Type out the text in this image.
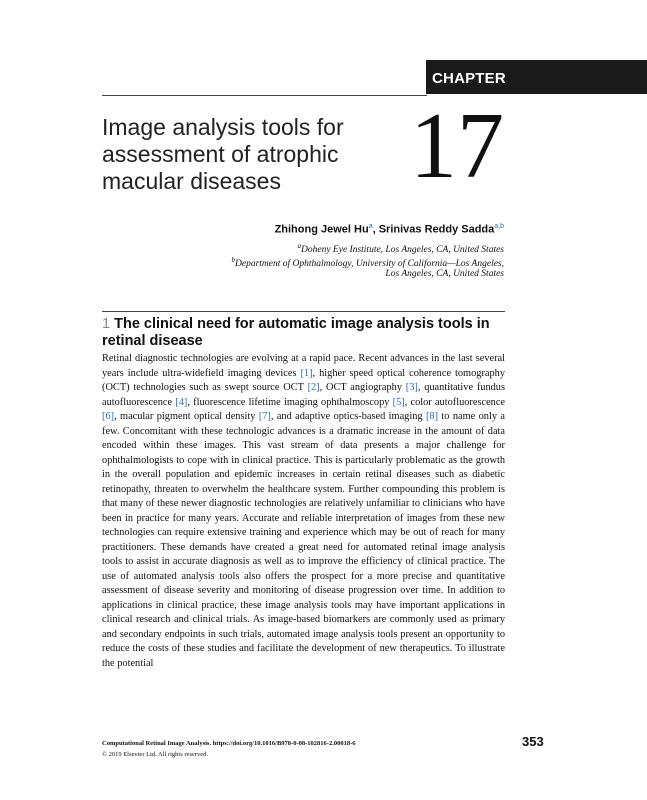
CHAPTER
Image analysis tools for assessment of atrophic macular diseases	17
Zhihong Jewel Hu$^a$, Srinivas Reddy Sadda$^{a,b}$
$^a$Doheny Eye Institute, Los Angeles, CA, United States
$^b$Department of Ophthalmology, University of California—Los Angeles,
Los Angeles, CA, United States
1 The clinical need for automatic image analysis tools in retinal disease

Retinal diagnostic technologies are evolving at a rapid pace. Recent advances in the last several years include ultra-widefield imaging devices [1], higher speed optical coherence tomography (OCT) technologies such as swept source OCT [2], OCT angiography [3], quantitative fundus autofluorescence [4], fluorescence lifetime imaging ophthalmoscopy [5], color autofluorescence [6], macular pigment optical density [7], and adaptive optics-based imaging [8] to name only a few. Concomitant with these technologic advances is a dramatic increase in the amount of data encoded within these images. This vast stream of data presents a major challenge for ophthalmologists to cope with in clinical practice. This is particularly problematic as the growth in the overall population and epidemic increases in certain retinal diseases such as diabetic retinopathy, threaten to overwhelm the healthcare system. Further compounding this problem is that many of these newer diagnostic technologies are relatively unfamiliar to clinicians who have been in practice for many years. Accurate and reliable interpretation of images from these new technologies can require extensive training and experience which may be out of reach for many practitioners. These demands have created a great need for automated retinal image analysis tools to assist in accurate diagnosis as well as to improve the efficiency of clinical practice. The use of automated analysis tools also offers the prospect for a more precise and quantitative assessment of disease severity and monitoring of disease progression over time. In addition to applications in clinical practice, these image analysis tools may have important applications in clinical research and clinical trials. As image-based biomarkers are commonly used as primary and secondary endpoints in such trials, automated image analysis tools present an opportunity to reduce the costs of these studies and facilitate the development of new therapeutics. To illustrate the potential

Computational Retinal Image Analysis. https://doi.org/10.1016/B978-0-08-102816-2.00018-6
© 2019 Elsevier Ltd. All rights reserved.
353
